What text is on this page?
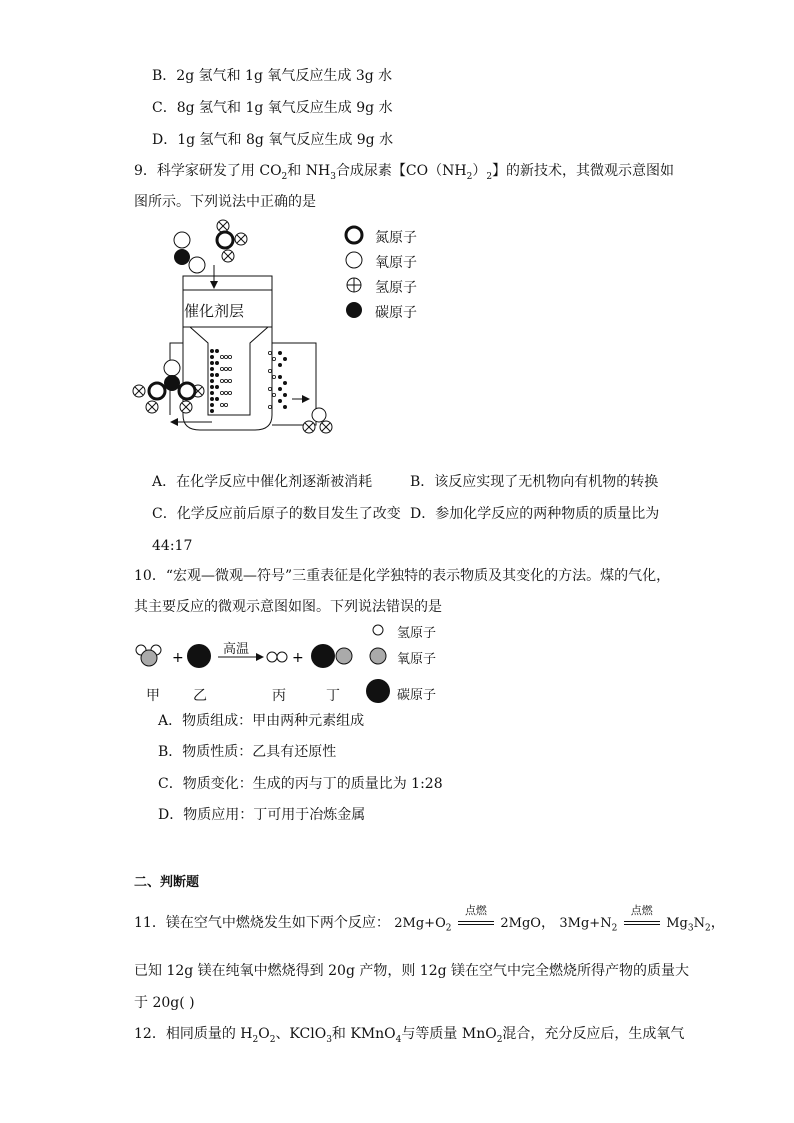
B．2g 氢气和 1g 氧气反应生成 3g 水
C．8g 氢气和 1g 氧气反应生成 9g 水
D．1g 氢气和 8g 氧气反应生成 9g 水
9．科学家研发了用 $CO_2$和 $NH_3$合成尿素【$CO(NH_2)_2$】的新技术，其微观示意图如
图所示。下列说法中正确的是
催化剂层
氮原子
氧原子
氢原子
碳原子
A．在化学反应中催化剂逐渐被消耗	B．该反应实现了无机物向有机物的转换
C．化学反应前后原子的数目发生了改变 D．参加化学反应的两种物质的质量比为
44:17
10．“宏观—微观—符号”三重表征是化学独特的表示物质及其变化的方法。煤的气化，
其主要反应的微观示意图如图。下列说法错误的是
+	+
高温
甲 乙	丙	丁
氢原子
氧原子
碳原子
A．物质组成：甲由两种元素组成
B．物质性质：乙具有还原性
C．物质变化：生成的丙与丁的质量比为 1:28
D．物质应用：丁可用于冶炼金属
二、判断题
11．镁在空气中燃烧发生如下两个反应： $2Mg+O_2$
点燃
2MgO， $3Mg+N_2$
点燃
$Mg_3N_2$，
已知 12g 镁在纯氧中燃烧得到 20g 产物，则 12g 镁在空气中完全燃烧所得产物的质量大
于 20g( )
12．相同质量的 $H_2O_2$、KClO$_3$和 KMnO$_4$与等质量 MnO$_2$混合，充分反应后，生成氧气
